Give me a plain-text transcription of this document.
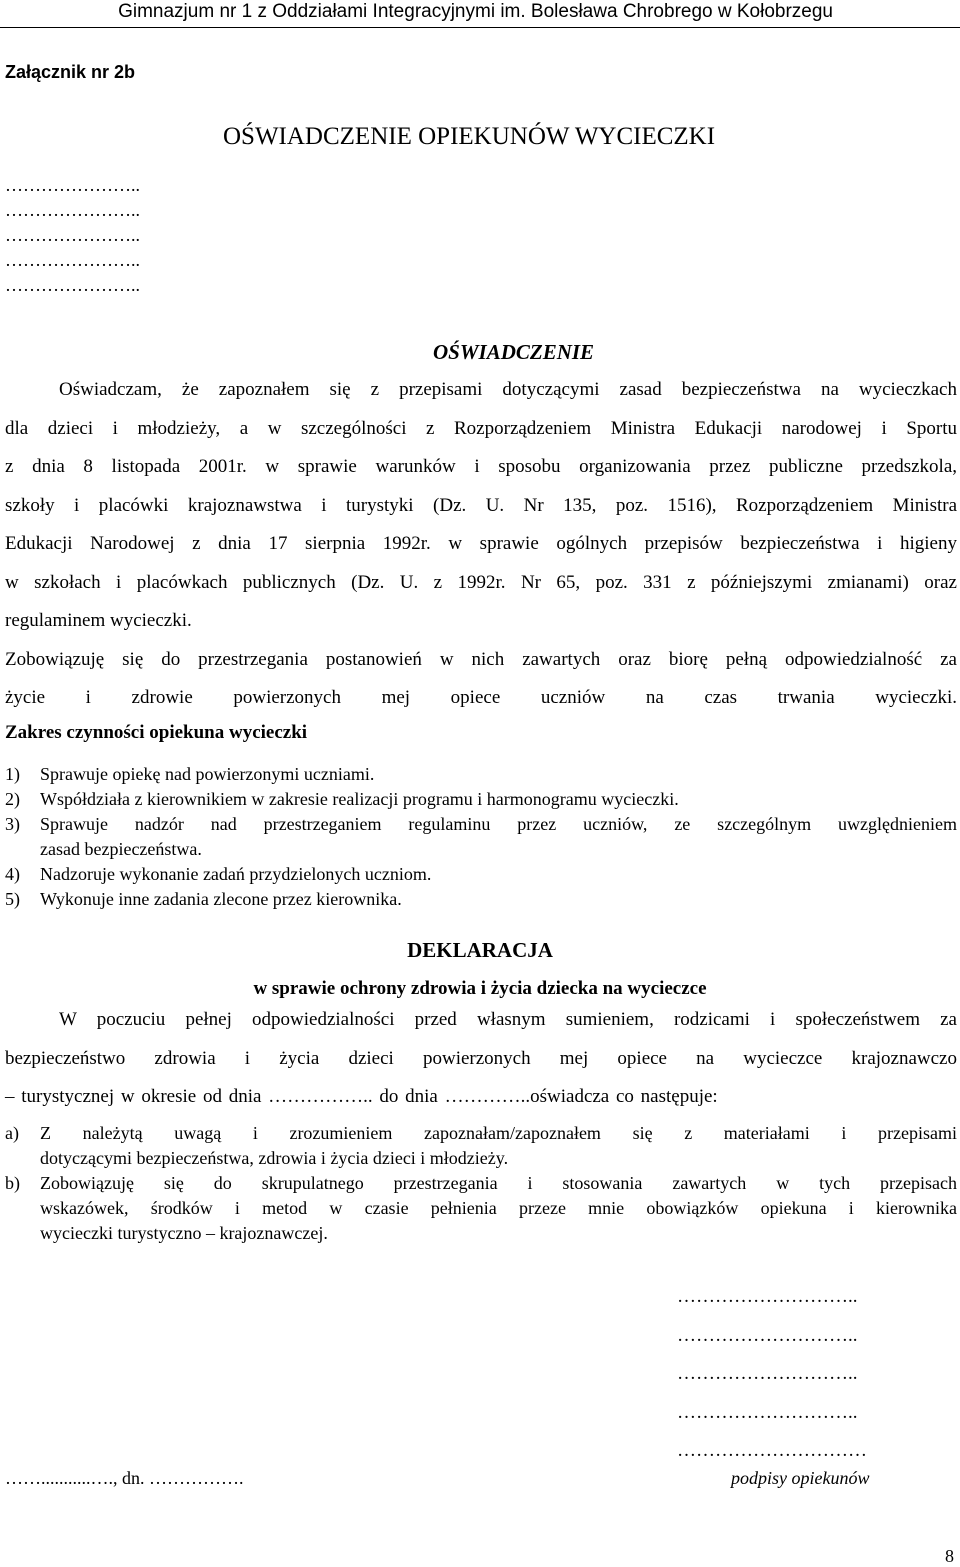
Gimnazjum nr 1 z Oddziałami Integracyjnymi im. Bolesława Chrobrego w Kołobrzegu
Załącznik nr 2b
OŚWIADCZENIE OPIEKUNÓW WYCIECZKI
…………………..
…………………..
…………………..
…………………..
…………………..
OŚWIADCZENIE
Oświadczam, że zapoznałem się z przepisami dotyczącymi zasad bezpieczeństwa na wycieczkach
dla dzieci i młodzieży, a w szczególności z Rozporządzeniem Ministra Edukacji narodowej i Sportu
z dnia 8 listopada 2001r. w sprawie warunków i sposobu organizowania przez publiczne przedszkola,
szkoły i placówki krajoznawstwa i turystyki (Dz. U. Nr 135, poz. 1516), Rozporządzeniem Ministra
Edukacji Narodowej z dnia 17 sierpnia 1992r. w sprawie ogólnych przepisów bezpieczeństwa i higieny
w szkołach i placówkach publicznych (Dz. U. z 1992r. Nr 65, poz. 331 z późniejszymi zmianami) oraz
regulaminem wycieczki.
Zobowiązuję się do przestrzegania postanowień w nich zawartych oraz biorę pełną odpowiedzialność za
życie i zdrowie powierzonych mej opiece uczniów na czas trwania wycieczki.
Zakres czynności opiekuna wycieczki
1) Sprawuje opiekę nad powierzonymi uczniami.
2) Współdziała z kierownikiem w zakresie realizacji programu i harmonogramu wycieczki.
3) Sprawuje nadzór nad przestrzeganiem regulaminu przez uczniów, ze szczególnym uwzględnieniem
zasad bezpieczeństwa.
4) Nadzoruje wykonanie zadań przydzielonych uczniom.
5) Wykonuje inne zadania zlecone przez kierownika.
DEKLARACJA
w sprawie ochrony zdrowia i życia dziecka na wycieczce
W poczuciu pełnej odpowiedzialności przed własnym sumieniem, rodzicami i społeczeństwem za
bezpieczeństwo zdrowia i życia dzieci powierzonych mej opiece na wycieczce krajoznawczo
– turystycznej w okresie od dnia …………….. do dnia …………..oświadcza co następuje:
a) Z należytą uwagą i zrozumieniem zapoznałam/zapoznałem się z materiałami i przepisami
dotyczącymi bezpieczeństwa, zdrowia i życia dzieci i młodzieży.
b) Zobowiązuję się do skrupulatnego przestrzegania i stosowania zawartych w tych przepisach
wskazówek, środków i metod w czasie pełnienia przeze mnie obowiązków opiekuna i kierownika
wycieczki turystyczno – krajoznawczej.
………………………..
………………………..
………………………..
………………………..
…………………………
……...........…., dn. …………….	podpisy opiekunów
8
